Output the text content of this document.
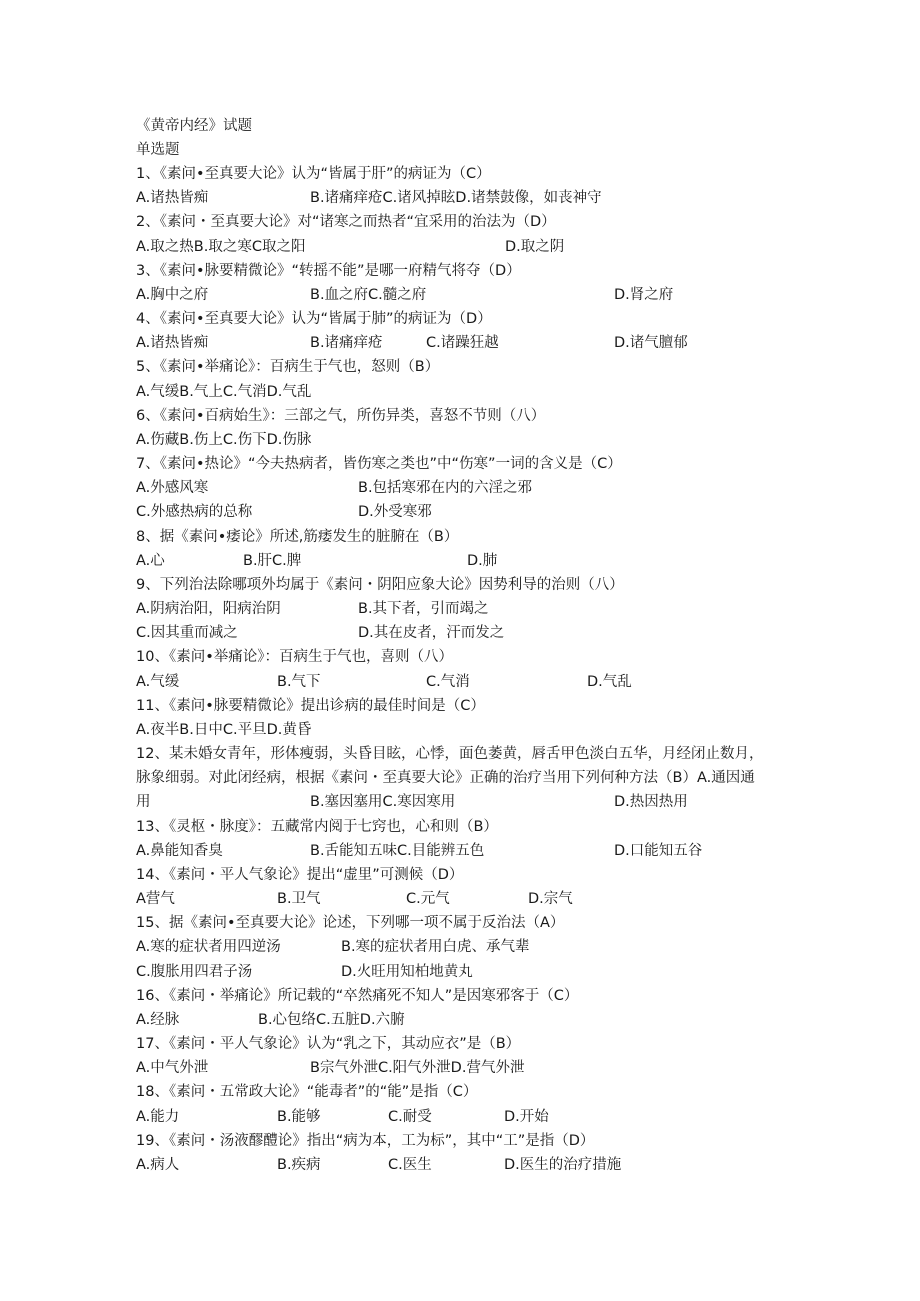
《黄帝内经》试题
单选题
1、《素问•至真要大论》认为“皆属于肝”的病证为（C）
A.诸热皆痴	B.诸痛痒疮C.诸风掉眩D.诸禁鼓像，如丧神守
2、《素问・至真要大论》对“诸寒之而热者“宜采用的治法为（D）
A.取之热B.取之寒C取之阳	D.取之阴
3、《素问•脉要精微论》“转摇不能”是哪一府精气将夺（D）
A.胸中之府	B.血之府C.髓之府	D.肾之府
4、《素问•至真要大论》认为“皆属于肺”的病证为（D）
A.诸热皆痴	B.诸痛痒疮	C.诸躁狂越	D.诸气膻郁
5、《素问•举痛论》：百病生于气也，怒则（B）
A.气缓B.气上C.气消D.气乱
6、《素问•百病始生》：三部之气，所伤异类，喜怒不节则（八）
A.伤藏B.伤上C.伤下D.伤脉
7、《素问•热论》“今夫热病者，皆伤寒之类也”中“伤寒”一词的含义是（C）
A.外感风寒	B.包括寒邪在内的六淫之邪
C.外感热病的总称	D.外受寒邪
8、据《素问•痿论》所述,筋痿发生的脏腑在（B）
A.心	B.肝C.脾	D.肺
9、下列治法除哪项外均属于《素问・阴阳应象大论》因势利导的治则（八）
A.阴病治阳，阳病治阴	B.其下者，引而竭之
C.因其重而减之	D.其在皮者，汗而发之
10、《素问•举痛论》：百病生于气也，喜则（八）
A.气缓	B.气下	C.气消	D.气乱
11、《素问•脉要精微论》提出诊病的最佳时间是（C）
A.夜半B.日中C.平旦D.黄昏
12、某未婚女青年，形体瘦弱，头昏目眩，心悸，面色萎黄，唇舌甲色淡白五华，月经闭止数月，
脉象细弱。对此闭经病，根据《素问・至真要大论》正确的治疗当用下列何种方法（B）A.通因通
用	B.塞因塞用C.寒因寒用	D.热因热用
13、《灵枢・脉度》：五藏常内阅于七窍也，心和则（B）
A.鼻能知香臭	B.舌能知五味C.目能辨五色	D.口能知五谷
14、《素问・平人气象论》提出“虚里”可测候（D）
A营气	B.卫气	C.元气	D.宗气
15、据《素问•至真要大论》论述，下列哪一项不属于反治法（A）
A.寒的症状者用四逆汤	B.寒的症状者用白虎、承气辈
C.腹胀用四君子汤	D.火旺用知柏地黄丸
16、《素问・举痛论》所记载的“卒然痛死不知人”是因寒邪客于（C）
A.经脉	B.心包络C.五脏D.六腑
17、《素问・平人气象论》认为“乳之下，其动应衣”是（B）
A.中气外泄	B宗气外泄C.阳气外泄D.营气外泄
18、《素问・五常政大论》“能毒者”的“能”是指（C）
A.能力	B.能够	C.耐受	D.开始
19、《素问・汤液醪醴论》指出“病为本，工为标”，其中“工”是指（D）
A.病人	B.疾病	C.医生	D.医生的治疗措施
